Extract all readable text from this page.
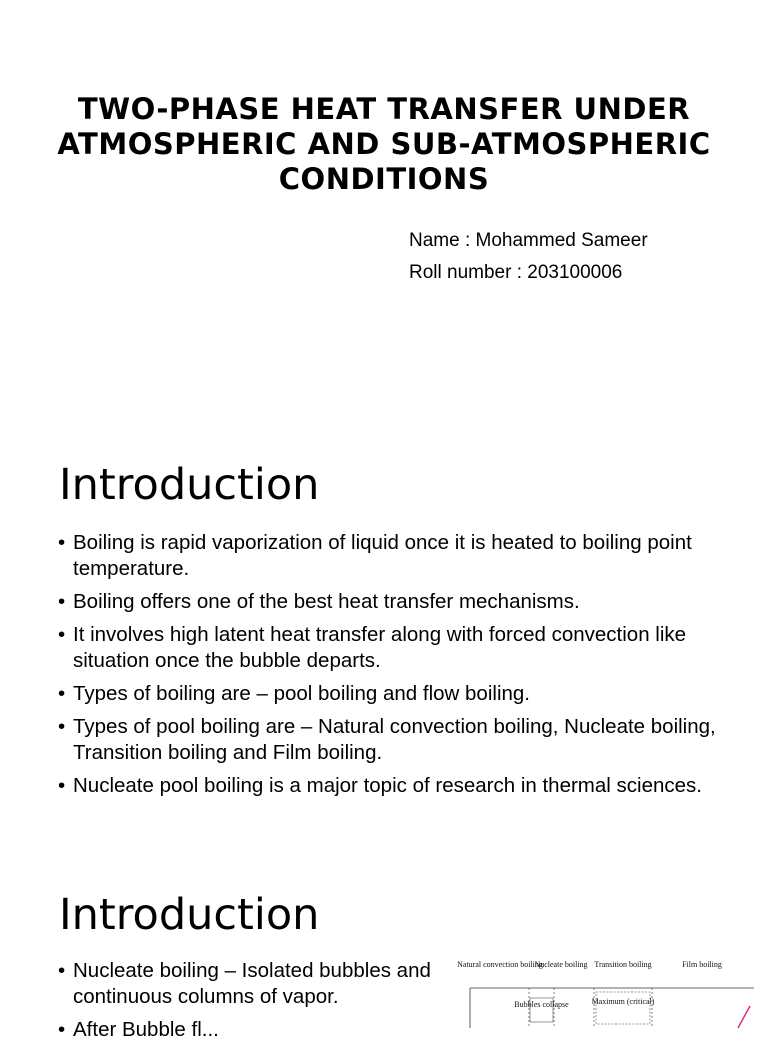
TWO-PHASE HEAT TRANSFER UNDER ATMOSPHERIC AND SUB-ATMOSPHERIC CONDITIONS
Name : Mohammed Sameer
Roll number : 203100006
Introduction
• Boiling is rapid vaporization of liquid once it is heated to boiling point temperature.
• Boiling offers one of the best heat transfer mechanisms.
• It involves high latent heat transfer along with forced convection like situation once the bubble departs.
• Types of boiling are – pool boiling and flow boiling.
• Types of pool boiling are – Natural convection boiling, Nucleate boiling, Transition boiling and Film boiling.
• Nucleate pool boiling is a major topic of research in thermal sciences.
Introduction
• Nucleate boiling – Isolated bubbles and continuous columns of vapor.
• After Bubble fl...
Natural convection boiling
Nucleate boiling Transition boiling	Film boiling
Bubbles collapse	Maximum (critical)
